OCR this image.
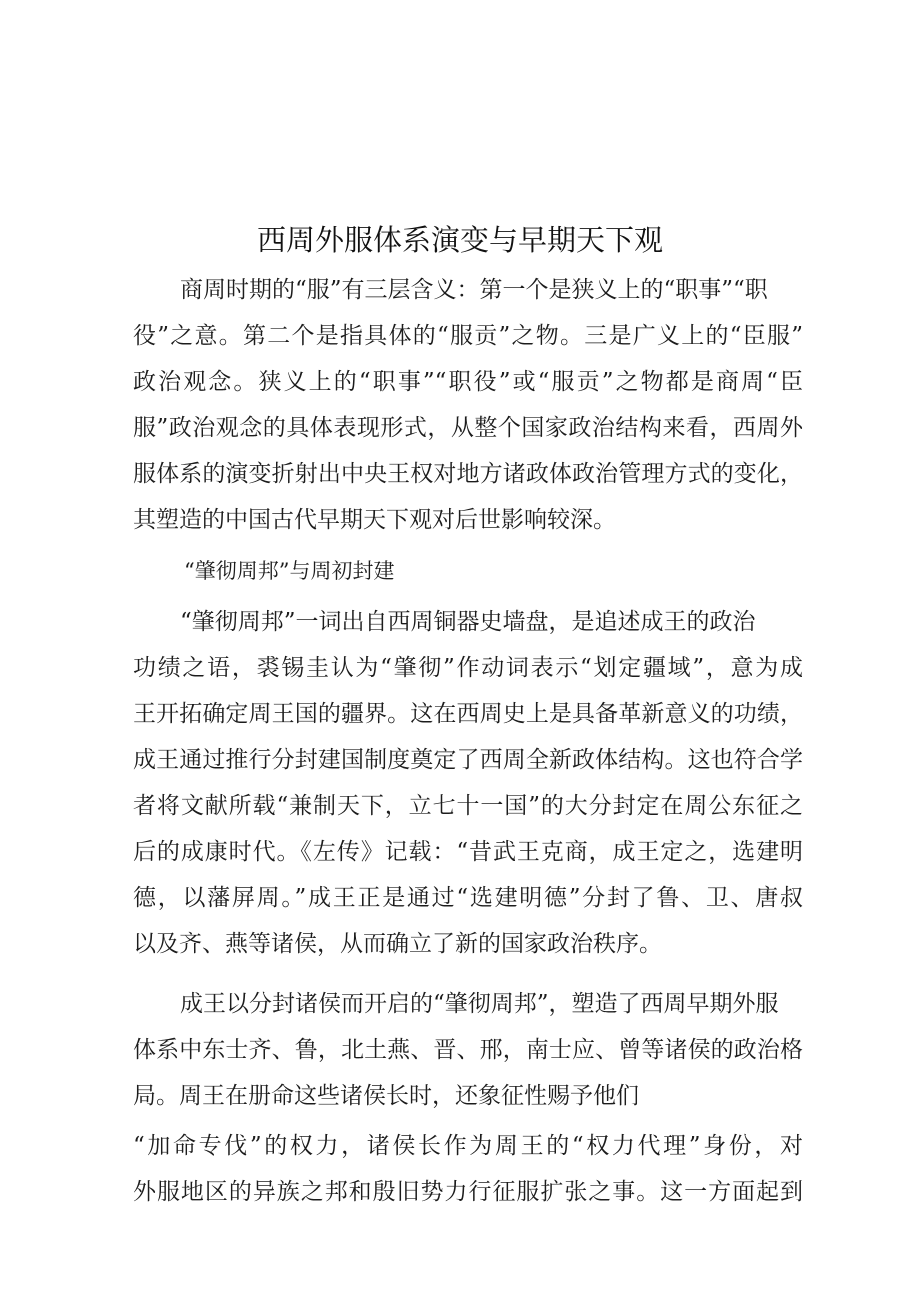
西周外服体系演变与早期天下观
商周时期的“服”有三层含义：第一个是狭义上的“职事”“职
役”之意。第二个是指具体的“服贡”之物。三是广义上的“臣服”
政治观念。狭义上的“职事”“职役”或“服贡”之物都是商周“臣
服”政治观念的具体表现形式，从整个国家政治结构来看，西周外
服体系的演变折射出中央王权对地方诸政体政治管理方式的变化，
其塑造的中国古代早期天下观对后世影响较深。
“肇彻周邦”与周初封建
“肇彻周邦”一词出自西周铜器史墙盘，是追述成王的政治
功绩之语，裘锡圭认为“肇彻”作动词表示“划定疆域”，意为成
王开拓确定周王国的疆界。这在西周史上是具备革新意义的功绩，
成王通过推行分封建国制度奠定了西周全新政体结构。这也符合学
者将文献所载“兼制天下，立七十一国”的大分封定在周公东征之
后的成康时代。《左传》记载：“昔武王克商，成王定之，选建明
德，以藩屏周。”成王正是通过“选建明德”分封了鲁、卫、唐叔
以及齐、燕等诸侯，从而确立了新的国家政治秩序。
成王以分封诸侯而开启的“肇彻周邦”，塑造了西周早期外服
体系中东士齐、鲁，北土燕、晋、邢，南士应、曾等诸侯的政治格
局。周王在册命这些诸侯长时，还象征性赐予他们
“加命专伐”的权力，诸侯长作为周王的“权力代理”身份，对
外服地区的异族之邦和殷旧势力行征服扩张之事。这一方面起到
